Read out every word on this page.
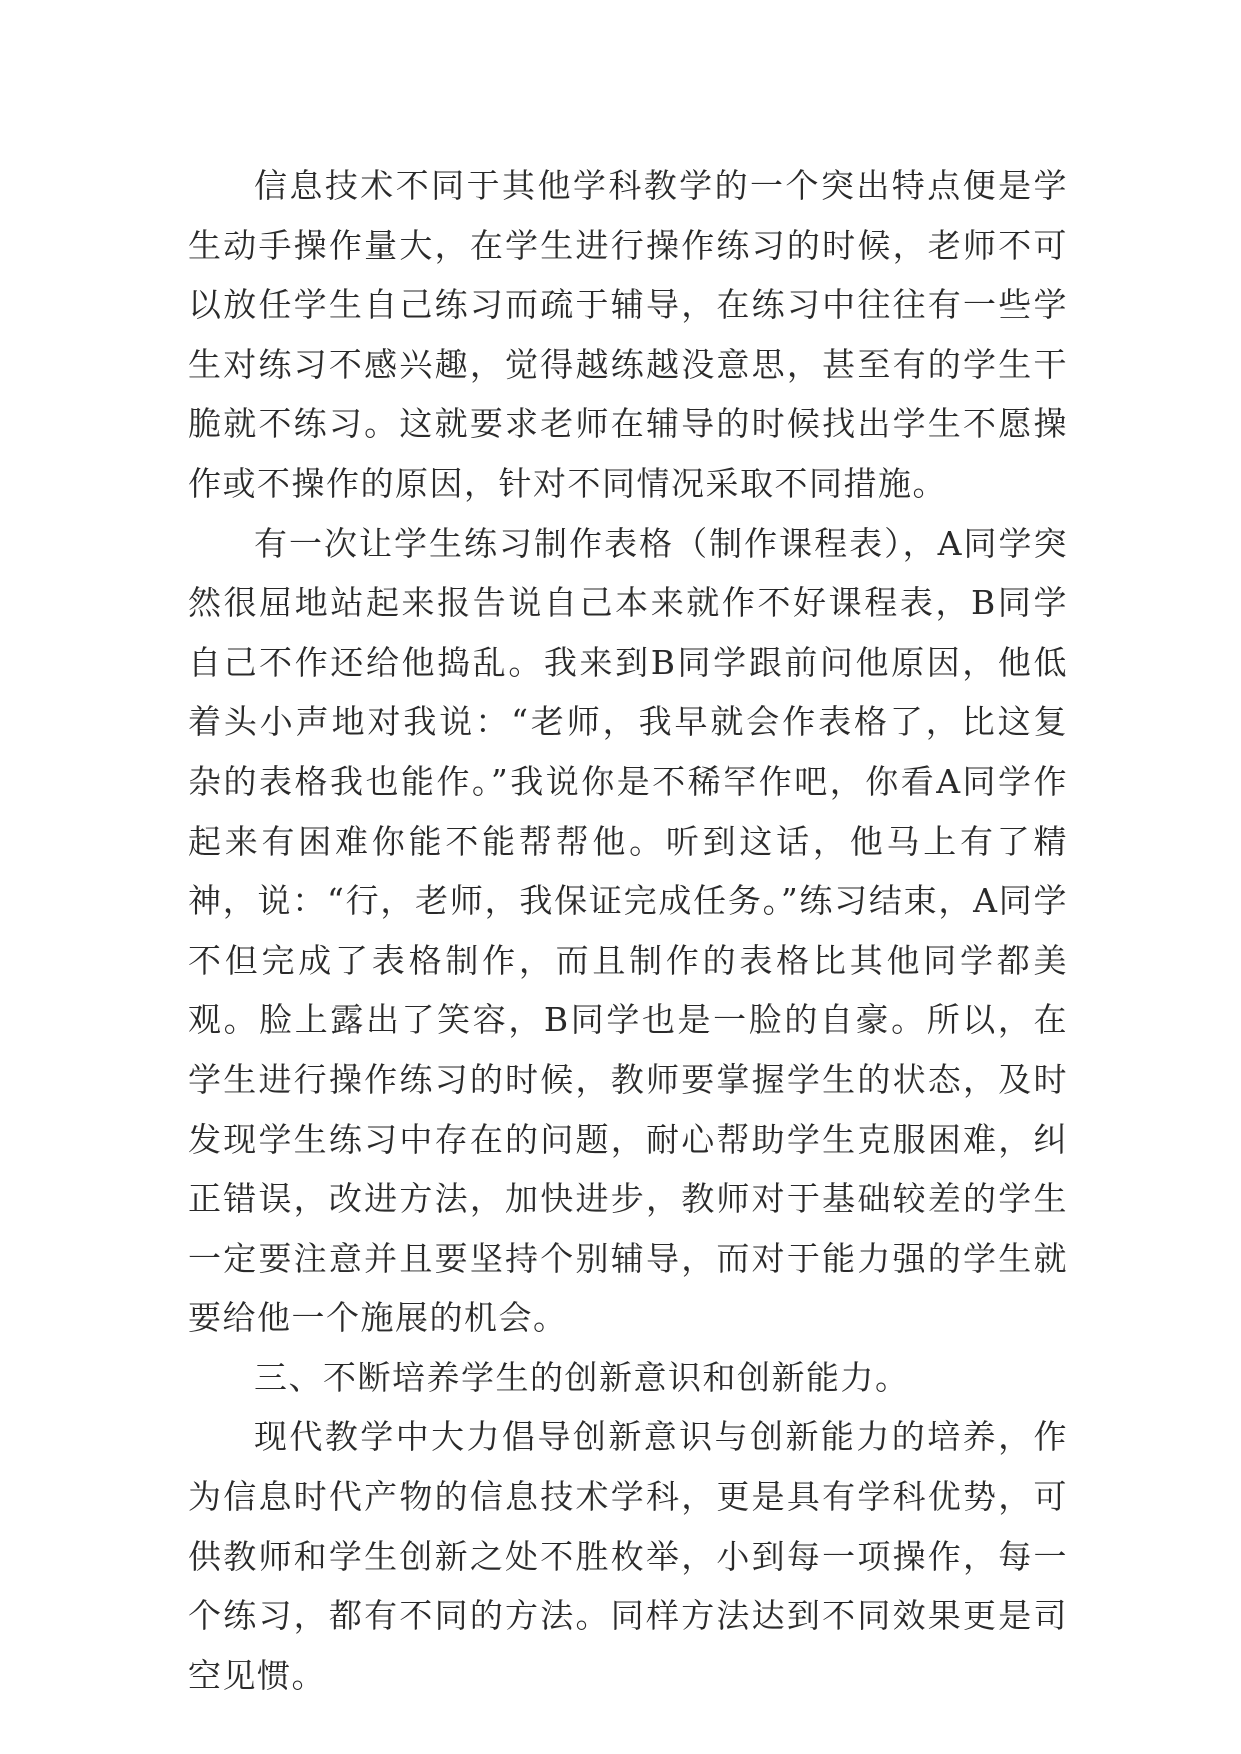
信息技术不同于其他学科教学的一个突出特点便是学生动手操作量大，在学生进行操作练习的时候，老师不可以放任学生自己练习而疏于辅导，在练习中往往有一些学生对练习不感兴趣，觉得越练越没意思，甚至有的学生干脆就不练习。这就要求老师在辅导的时候找出学生不愿操作或不操作的原因，针对不同情况采取不同措施。

有一次让学生练习制作表格（制作课程表），A同学突然很屈地站起来报告说自己本来就作不好课程表，B同学自己不作还给他捣乱。我来到B同学跟前问他原因，他低着头小声地对我说：“老师，我早就会作表格了，比这复杂的表格我也能作。”我说你是不稀罕作吧，你看A同学作起来有困难你能不能帮帮他。听到这话，他马上有了精神，说：“行，老师，我保证完成任务。”练习结束，A同学不但完成了表格制作，而且制作的表格比其他同学都美观。脸上露出了笑容，B同学也是一脸的自豪。所以，在学生进行操作练习的时候，教师要掌握学生的状态，及时发现学生练习中存在的问题，耐心帮助学生克服困难，纠正错误，改进方法，加快进步，教师对于基础较差的学生一定要注意并且要坚持个别辅导，而对于能力强的学生就要给他一个施展的机会。

三、不断培养学生的创新意识和创新能力。

现代教学中大力倡导创新意识与创新能力的培养，作为信息时代产物的信息技术学科，更是具有学科优势，可供教师和学生创新之处不胜枚举，小到每一项操作，每一个练习，都有不同的方法。同样方法达到不同效果更是司空见惯。
